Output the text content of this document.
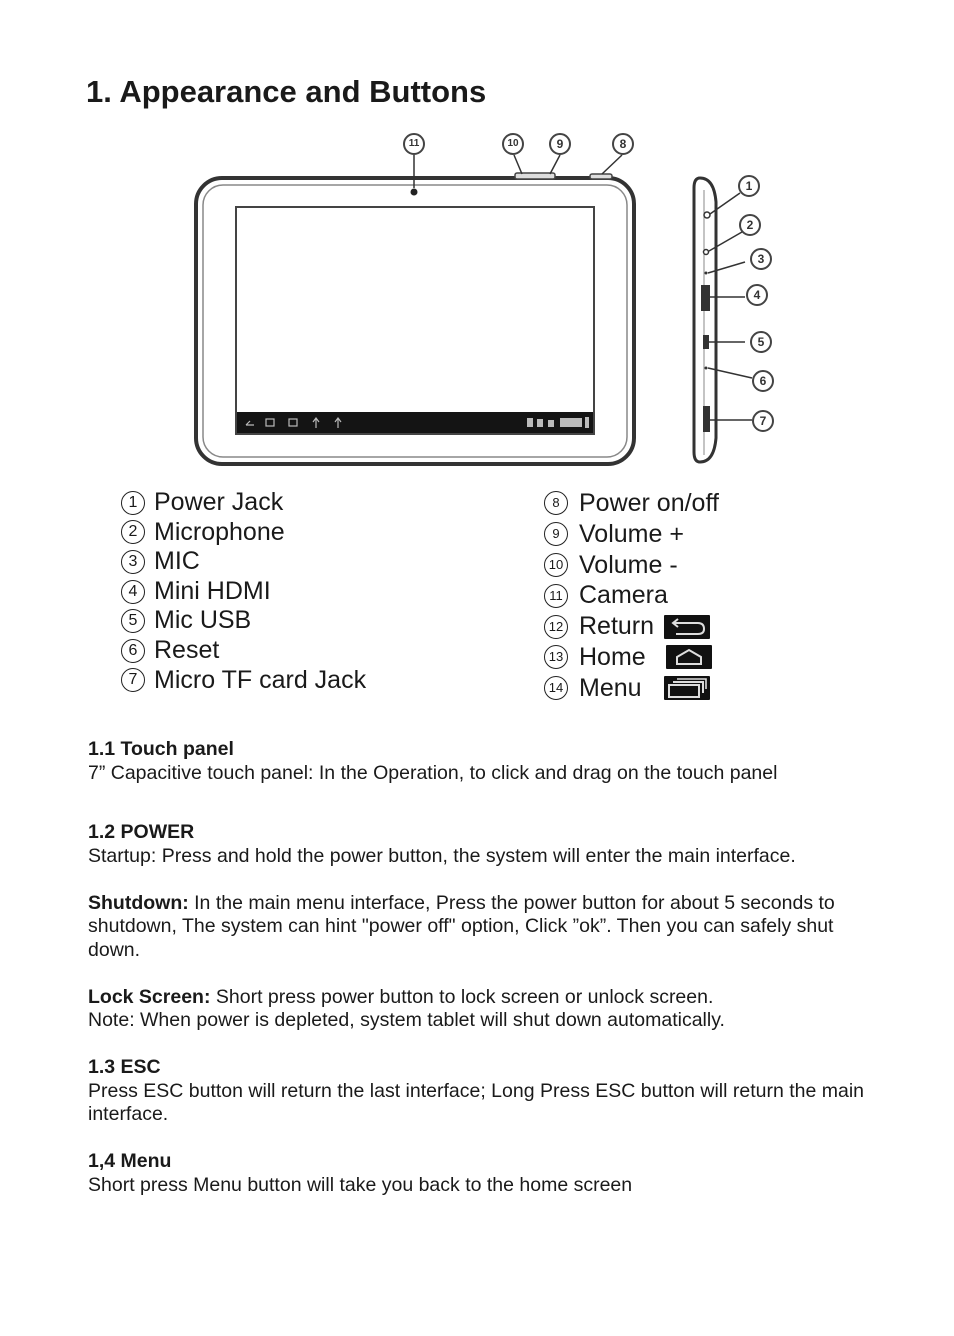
1. Appearance and Buttons
11	10	9	8
1
2
3
4
5
6
7
1 Power Jack
2 Microphone
3 MIC
4 Mini HDMI
5 Mic USB
6 Reset
7 Micro TF card Jack
8 Power on/off
9 Volume +
10 Volume -
11 Camera
12 Return
13 Home
14 Menu

1.1 Touch panel

7” Capacitive touch panel: In the Operation, to click and drag on the touch panel

1.2 POWER

Startup: Press and hold the power button, the system will enter the main interface.

Shutdown: In the main menu interface, Press the power button for about 5 seconds to shutdown, The system can hint "power off" option, Click ”ok”. Then you can safely shut down.

Lock Screen: Short press power button to lock screen or unlock screen.

Note: When power is depleted, system tablet will shut down automatically.

1.3 ESC

Press ESC button will return the last interface; Long Press ESC button will return the main interface.

1,4 Menu

Short press Menu button will take you back to the home screen
